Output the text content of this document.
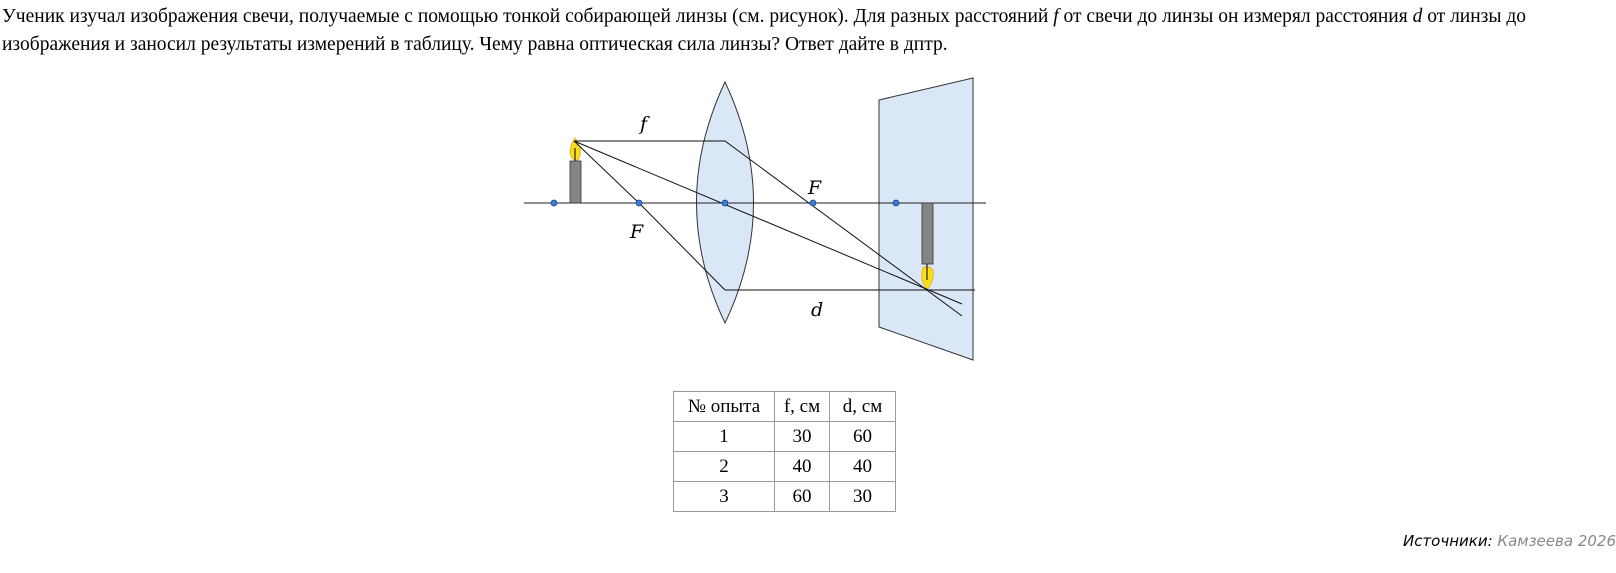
Ученик изучал изображения свечи, получаемые с помощью тонкой собирающей линзы (см. рисунок). Для разных расстояний f от свечи до линзы он измерял расстояния d от линзы до изображения и заносил результаты измерений в таблицу. Чему равна оптическая сила линзы? Ответ дайте в дптр.
f
F
F
d
№ опыта	f, см	d, см
1	30	60
2	40	40
3	60	30
Источники: Камзеева 2026
